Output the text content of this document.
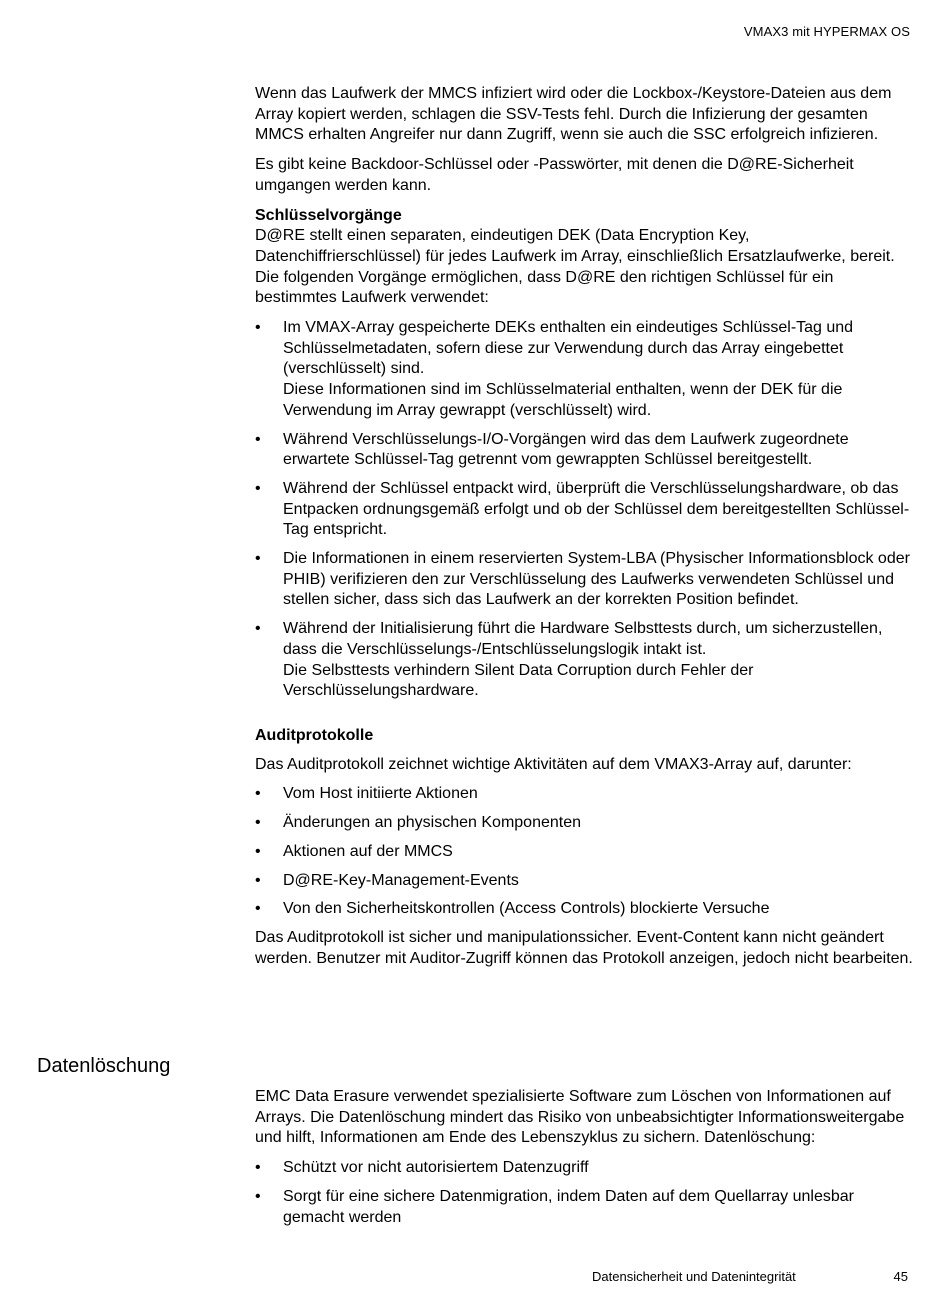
VMAX3 mit HYPERMAX OS

Wenn das Laufwerk der MMCS infiziert wird oder die Lockbox-/Keystore-Dateien aus dem Array kopiert werden, schlagen die SSV-Tests fehl. Durch die Infizierung der gesamten MMCS erhalten Angreifer nur dann Zugriff, wenn sie auch die SSC erfolgreich infizieren.

Es gibt keine Backdoor-Schlüssel oder -Passwörter, mit denen die D@RE-Sicherheit umgangen werden kann.

Schlüsselvorgänge

D@RE stellt einen separaten, eindeutigen DEK (Data Encryption Key, Datenchiffrierschlüssel) für jedes Laufwerk im Array, einschließlich Ersatzlaufwerke, bereit. Die folgenden Vorgänge ermöglichen, dass D@RE den richtigen Schlüssel für ein bestimmtes Laufwerk verwendet:

• Im VMAX-Array gespeicherte DEKs enthalten ein eindeutiges Schlüssel-Tag und Schlüsselmetadaten, sofern diese zur Verwendung durch das Array eingebettet (verschlüsselt) sind.
Diese Informationen sind im Schlüsselmaterial enthalten, wenn der DEK für die Verwendung im Array gewrappt (verschlüsselt) wird.
• Während Verschlüsselungs-I/O-Vorgängen wird das dem Laufwerk zugeordnete erwartete Schlüssel-Tag getrennt vom gewrappten Schlüssel bereitgestellt.
• Während der Schlüssel entpackt wird, überprüft die Verschlüsselungshardware, ob das Entpacken ordnungsgemäß erfolgt und ob der Schlüssel dem bereitgestellten Schlüssel-Tag entspricht.
• Die Informationen in einem reservierten System-LBA (Physischer Informationsblock oder PHIB) verifizieren den zur Verschlüsselung des Laufwerks verwendeten Schlüssel und stellen sicher, dass sich das Laufwerk an der korrekten Position befindet.
• Während der Initialisierung führt die Hardware Selbsttests durch, um sicherzustellen, dass die Verschlüsselungs-/Entschlüsselungslogik intakt ist.
Die Selbsttests verhindern Silent Data Corruption durch Fehler der Verschlüsselungshardware.
Auditprotokolle

Das Auditprotokoll zeichnet wichtige Aktivitäten auf dem VMAX3-Array auf, darunter:

• Vom Host initiierte Aktionen
• Änderungen an physischen Komponenten
• Aktionen auf der MMCS
• D@RE-Key-Management-Events
• Von den Sicherheitskontrollen (Access Controls) blockierte Versuche

Das Auditprotokoll ist sicher und manipulationssicher. Event-Content kann nicht geändert werden. Benutzer mit Auditor-Zugriff können das Protokoll anzeigen, jedoch nicht bearbeiten.

Datenlöschung

EMC Data Erasure verwendet spezialisierte Software zum Löschen von Informationen auf Arrays. Die Datenlöschung mindert das Risiko von unbeabsichtigter Informationsweitergabe und hilft, Informationen am Ende des Lebenszyklus zu sichern. Datenlöschung:

• Schützt vor nicht autorisiertem Datenzugriff
• Sorgt für eine sichere Datenmigration, indem Daten auf dem Quellarray unlesbar gemacht werden
Datensicherheit und Datenintegrität	45
